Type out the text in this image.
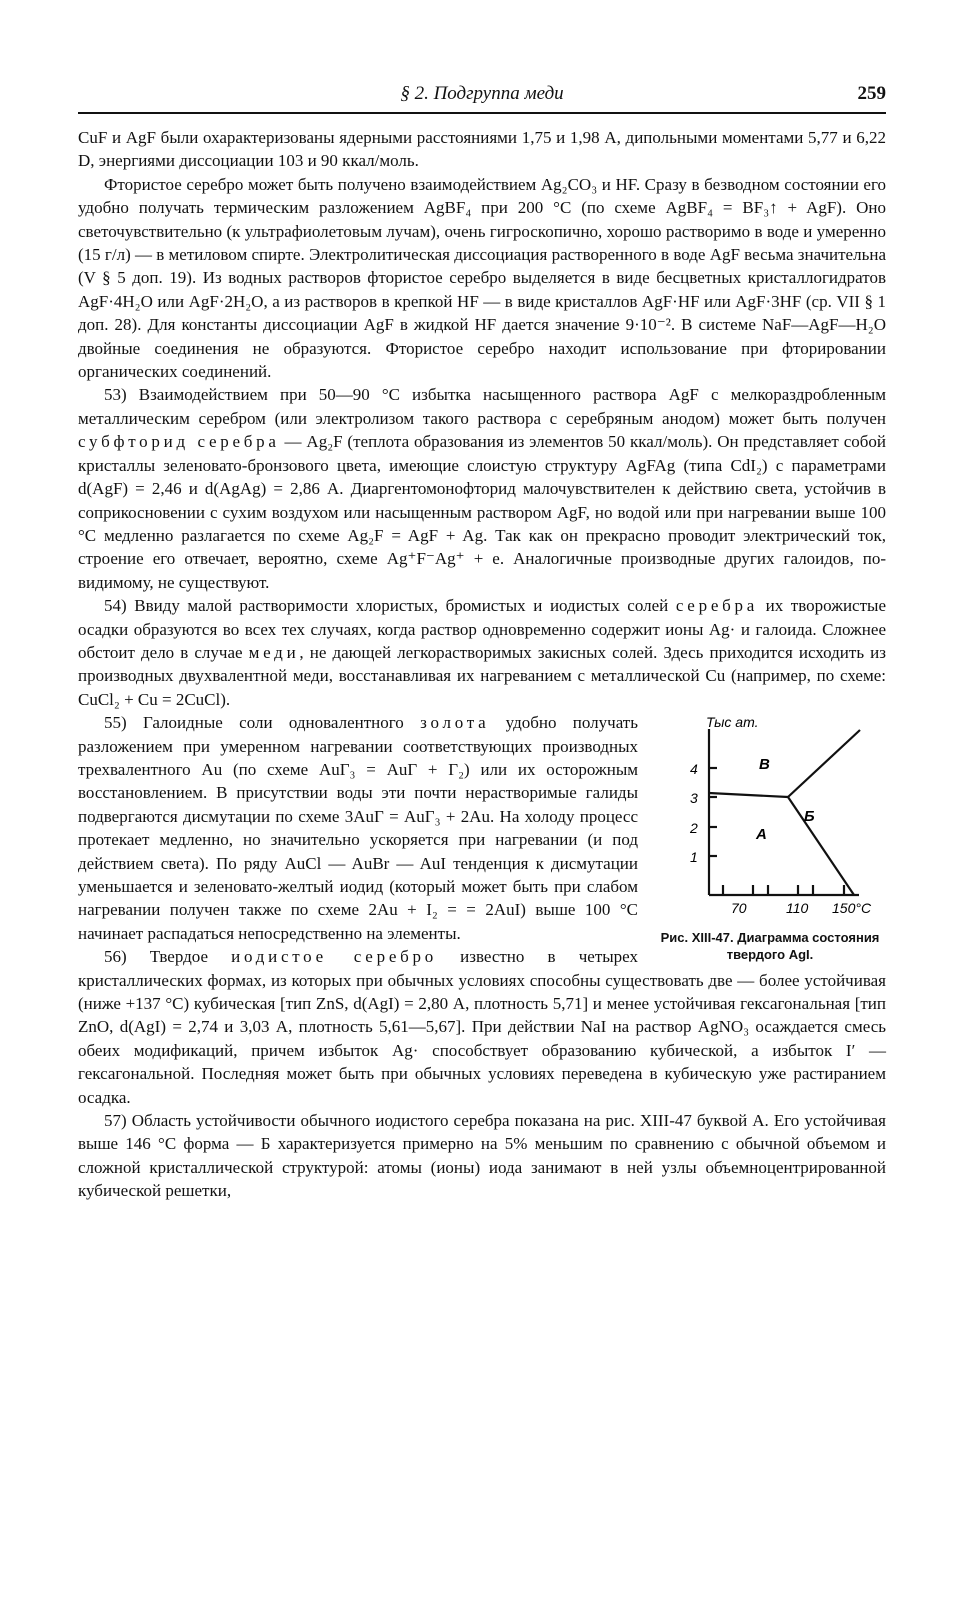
§ 2. Подгруппа меди	259

CuF и AgF были охарактеризованы ядерными расстояниями 1,75 и 1,98 А, дипольными моментами 5,77 и 6,22 D, энергиями диссоциации 103 и 90 ккал/моль.

Фтористое серебро может быть получено взаимодействием Ag₂CO₃ и HF. Сразу в безводном состоянии его удобно получать термическим разложением AgBF₄ при 200 °C (по схеме AgBF₄ = BF₃↑ + AgF). Оно светочувствительно (к ультрафиолетовым лучам), очень гигроскопично, хорошо растворимо в воде и умеренно (15 г/л) — в метиловом спирте. Электролитическая диссоциация растворенного в воде AgF весьма значительна (V § 5 доп. 19). Из водных растворов фтористое серебро выделяется в виде бесцветных кристаллогидратов AgF·4H₂O или AgF·2H₂O, а из растворов в крепкой HF — в виде кристаллов AgF·HF или AgF·3HF (ср. VII § 1 доп. 28). Для константы диссоциации AgF в жидкой HF дается значение 9·10⁻². В системе NaF—AgF—H₂O двойные соединения не образуются. Фтористое серебро находит использование при фторировании органических соединений.

53) Взаимодействием при 50—90 °C избытка насыщенного раствора AgF с мелкораздробленным металлическим серебром (или электролизом такого раствора с серебряным анодом) может быть получен субфторид серебра — Ag₂F (теплота образования из элементов 50 ккал/моль). Он представляет собой кристаллы зеленовато-бронзового цвета, имеющие слоистую структуру AgFAg (типа CdI₂) с параметрами d(AgF) = 2,46 и d(AgAg) = 2,86 А. Диаргентомонофторид малочувствителен к действию света, устойчив в соприкосновении с сухим воздухом или насыщенным раствором AgF, но водой или при нагревании выше 100 °C медленно разлагается по схеме Ag₂F = AgF + Ag. Так как он прекрасно проводит электрический ток, строение его отвечает, вероятно, схеме Ag⁺F⁻Ag⁺ + e. Аналогичные производные других галоидов, по-видимому, не существуют.

54) Ввиду малой растворимости хлористых, бромистых и иодистых солей серебра их творожистые осадки образуются во всех тех случаях, когда раствор одновременно содержит ионы Ag· и галоида. Сложнее обстоит дело в случае меди, не дающей легкорастворимых закисных солей. Здесь приходится исходить из производных двухвалентной меди, восстанавливая их нагреванием с металлической Cu (например, по схеме: CuCl₂ + Cu = 2CuCl).

Тыс ат.
4
3
2
1
70	110 150°C
В
Б
А
Рис. XIII-47. Диаграмма состояния твердого AgI.

55) Галоидные соли одновалентного золота удобно получать разложением при умеренном нагревании соответствующих производных трехвалентного Au (по схеме AuГ₃ = AuГ + Г₂) или их осторожным восстановлением. В присутствии воды эти почти нерастворимые галиды подвергаются дисмутации по схеме 3AuГ = AuГ₃ + 2Au. На холоду процесс протекает медленно, но значительно ускоряется при нагревании (и под действием света). По ряду AuCl — AuBr — AuI тенденция к дисмутации уменьшается и зеленовато-желтый иодид (который может быть при слабом нагревании получен также по схеме 2Au + I₂ = = 2AuI) выше 100 °C начинает распадаться непосредственно на элементы.

56) Твердое иодистое серебро известно в четырех кристаллических формах, из которых при обычных условиях способны существовать две — более устойчивая (ниже +137 °C) кубическая [тип ZnS, d(AgI) = 2,80 А, плотность 5,71] и менее устойчивая гексагональная [тип ZnO, d(AgI) = 2,74 и 3,03 А, плотность 5,61—5,67]. При действии NaI на раствор AgNO₃ осаждается смесь обеих модификаций, причем избыток Ag· способствует образованию кубической, а избыток I′ — гексагональной. Последняя может быть при обычных условиях переведена в кубическую уже растиранием осадка.

57) Область устойчивости обычного иодистого серебра показана на рис. XIII-47 буквой А. Его устойчивая выше 146 °C форма — Б характеризуется примерно на 5% меньшим по сравнению с обычной объемом и сложной кристаллической структурой: атомы (ионы) иода занимают в ней узлы объемноцентрированной кубической решетки,
